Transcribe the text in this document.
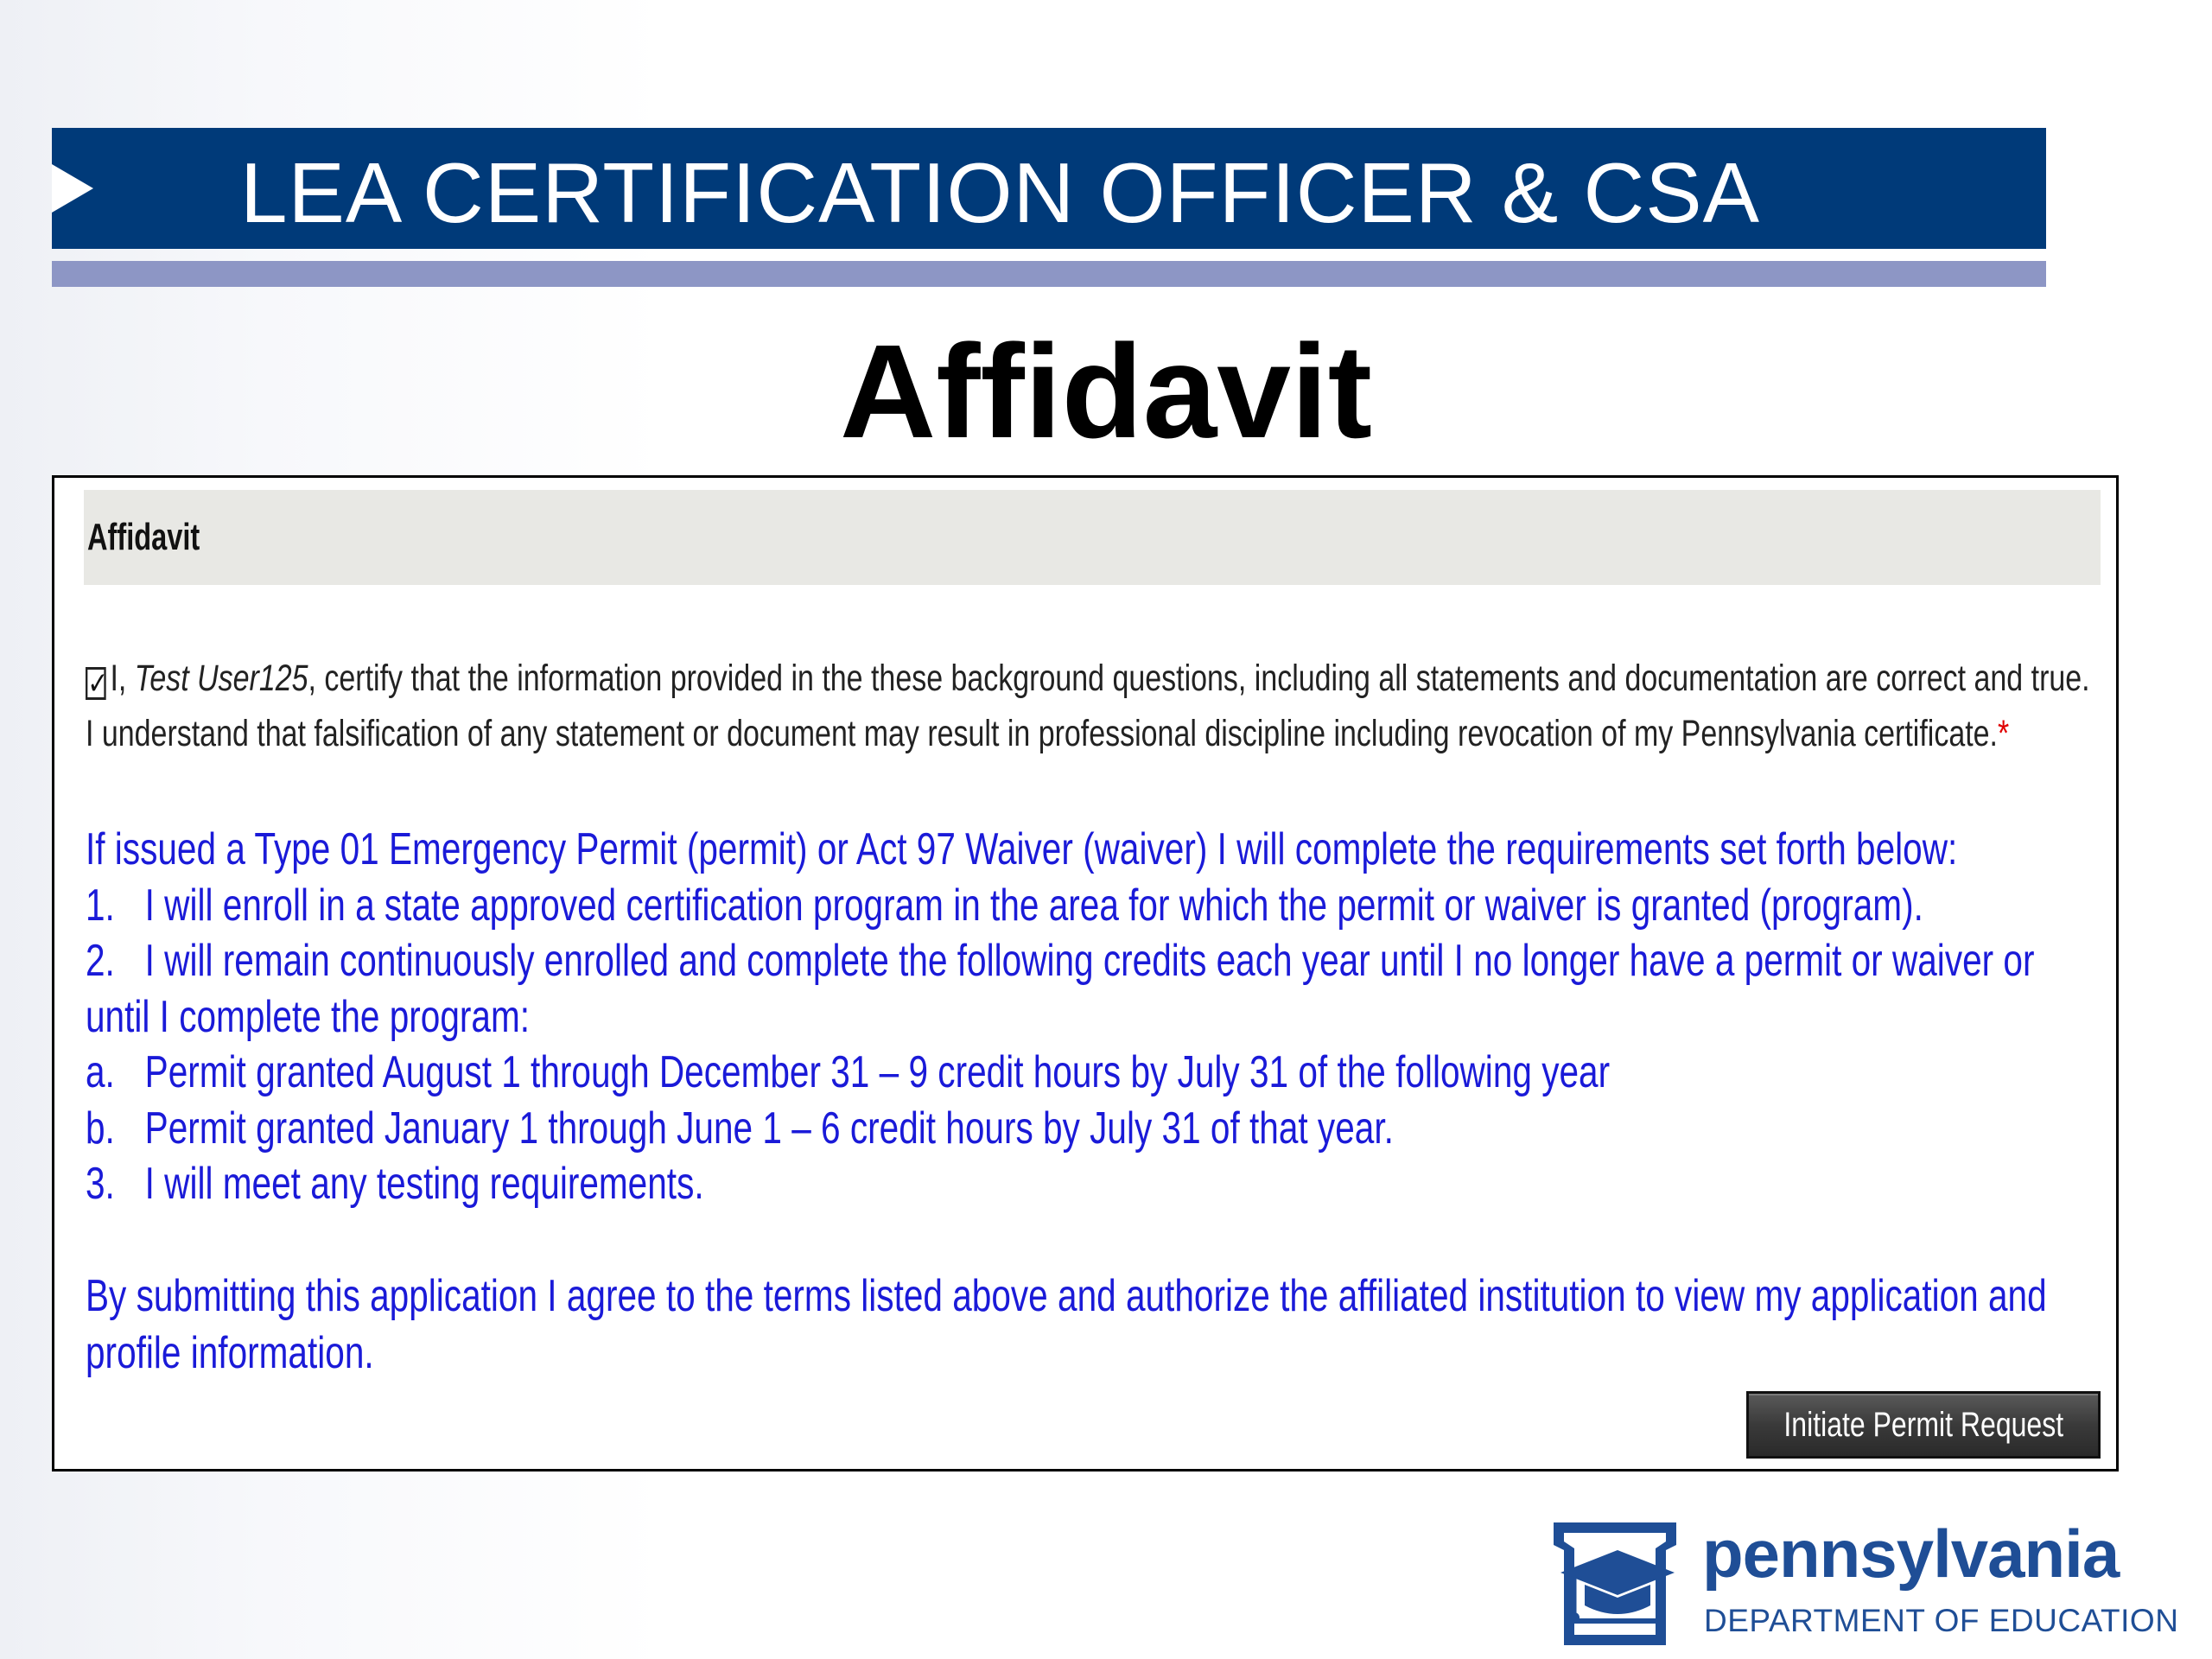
LEA CERTIFICATION OFFICER & CSA
Affidavit
Affidavit
✓I, Test User125, certify that the information provided in the these background questions, including all statements and documentation are correct and true. I understand that falsification of any statement or document may result in professional discipline including revocation of my Pennsylvania certificate.*

If issued a Type 01 Emergency Permit (permit) or Act 97 Waiver (waiver) I will complete the requirements set forth below:

1. I will enroll in a state approved certification program in the area for which the permit or waiver is granted (program).

2. I will remain continuously enrolled and complete the following credits each year until I no longer have a permit or waiver or until I complete the program:

a. Permit granted August 1 through December 31 – 9 credit hours by July 31 of the following year

b. Permit granted January 1 through June 1 – 6 credit hours by July 31 of that year.

3. I will meet any testing requirements.

By submitting this application I agree to the terms listed above and authorize the affiliated institution to view my application and profile information.
Initiate Permit Request
pennsylvania
DEPARTMENT OF EDUCATION
